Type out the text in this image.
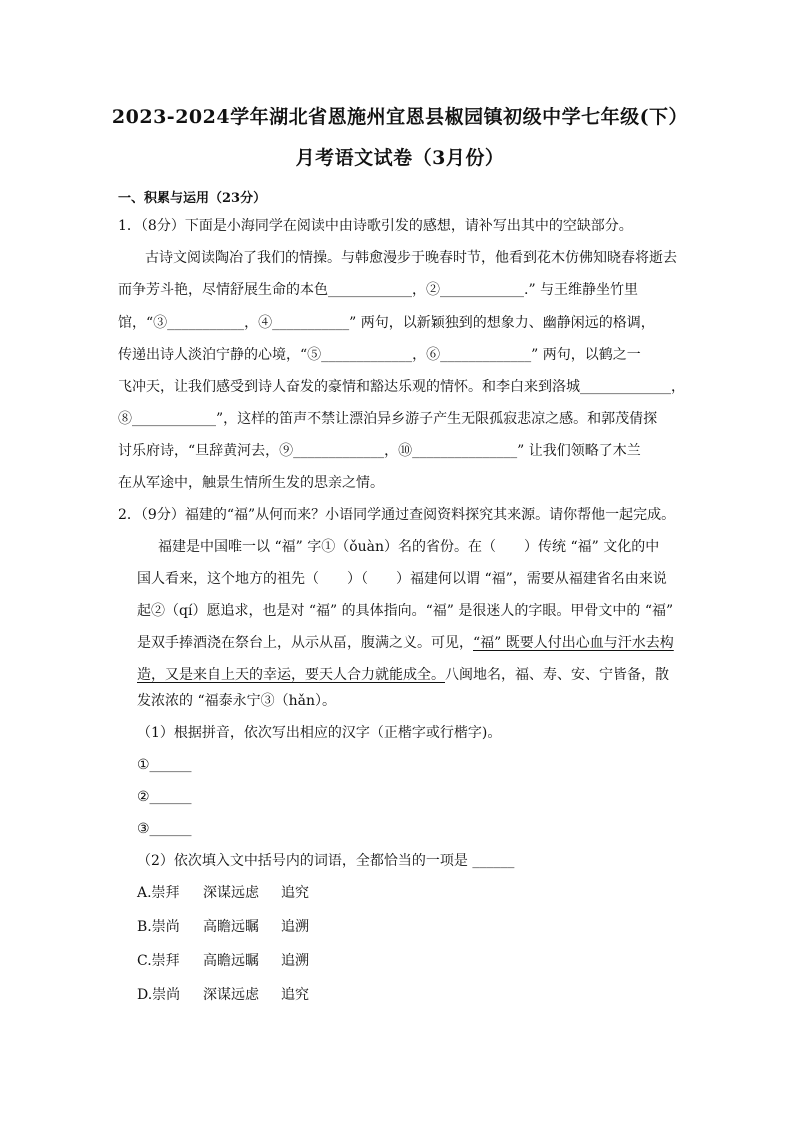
2023-2024学年湖北省恩施州宜恩县椒园镇初级中学七年级(下）
月考语文试卷（3月份）
一、积累与运用（23分）
1．（8分）下面是小海同学在阅读中由诗歌引发的感想，请补写出其中的空缺部分。
古诗文阅读陶冶了我们的情操。与韩愈漫步于晚春时节，他看到花木仿佛知晓春将逝去
而争芳斗艳，尽情舒展生命的本色____________，②____________.” 与王维静坐竹里
馆，“③___________，④___________” 两句，以新颖独到的想象力、幽静闲远的格调，
传递出诗人淡泊宁静的心境，“⑤_____________，⑥_____________” 两句，以鹤之一
飞冲天，让我们感受到诗人奋发的豪情和豁达乐观的情怀。和李白来到洛城_____________，
⑧____________”，这样的笛声不禁让漂泊异乡游子产生无限孤寂悲凉之感。和郭茂倩探
讨乐府诗，“旦辞黄河去，⑨_____________，⑩_______________” 让我们领略了木兰
在从军途中，触景生情所生发的思亲之情。
2．（9分）福建的“福”从何而来？小语同学通过查阅资料探究其来源。请你帮他一起完成。
福建是中国唯一以 “福” 字①（ǒuàn）名的省份。在（　　）传统 “福” 文化的中
国人看来，这个地方的祖先（　　）（　　）福建何以谓 “福”，需要从福建省名由来说
起②（qí）愿追求，也是对 “福” 的具体指向。“福” 是很迷人的字眼。甲骨文中的 “福”
是双手捧酒浇在祭台上，从示从畐，腹满之义。可见，“福” 既要人付出心血与汗水去构
造，又是来自上天的幸运，要天人合力就能成全。八闽地名，福、寿、安、宁皆备，散
发浓浓的 “福泰永宁③（hǎn）。
（1）根据拼音，依次写出相应的汉字（正楷字或行楷字)。
①______
②______
③______
（2）依次填入文中括号内的词语，全都恰当的一项是 ______
A.崇拜 深谋远虑 追究
B.崇尚 高瞻远瞩 追溯
C.崇拜 高瞻远瞩 追溯
D.崇尚 深谋远虑 追究
